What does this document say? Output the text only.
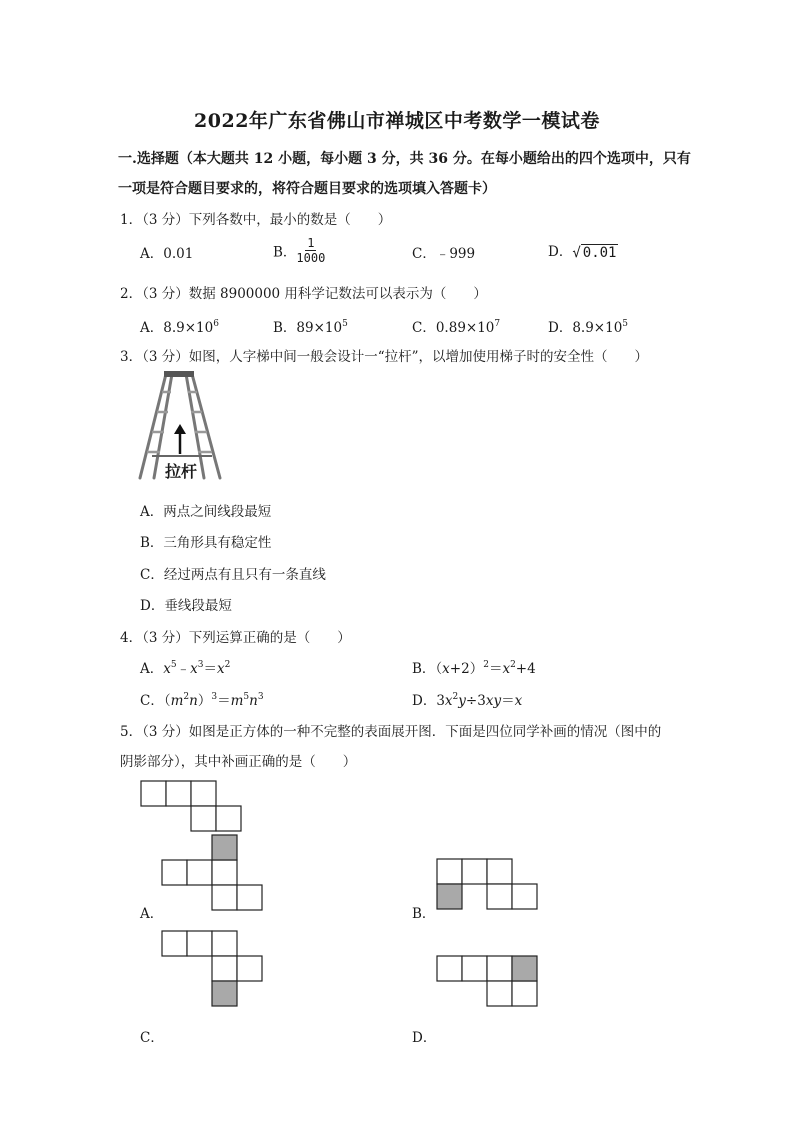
2022年广东省佛山市禅城区中考数学一模试卷
一.选择题（本大题共 12 小题，每小题 3 分，共 36 分。在每小题给出的四个选项中，只有
一项是符合题目要求的，将符合题目要求的选项填入答题卡）
1．（3 分）下列各数中，最小的数是（　　）
A．0.01	B． $\frac{1}{1000}$	C．﹣999	D． √ 0.01
2．（3 分）数据 8900000 用科学记数法可以表示为（　　）
A．$8.9\times 10^6$	B．$89\times 10^5$	C．$0.89\times 10^7$	D．$8.9\times 10^5$
3．（3 分）如图，人字梯中间一般会设计一“拉杆”，以增加使用梯子时的安全性（　　）
拉杆
A．两点之间线段最短
B．三角形具有稳定性
C．经过两点有且只有一条直线
D．垂线段最短
4．（3 分）下列运算正确的是（　　）
A．$x^5﹣x^3=x^2$	B．$(x+2)^2=x^2+4$
C．$(m^2n)^3=m^5n^3$	D．$3x^2y\div 3xy=x$
5．（3 分）如图是正方体的一种不完整的表面展开图．下面是四位同学补画的情况（图中的
阴影部分），其中补画正确的是（　　）
A．	B．
C．	D．
